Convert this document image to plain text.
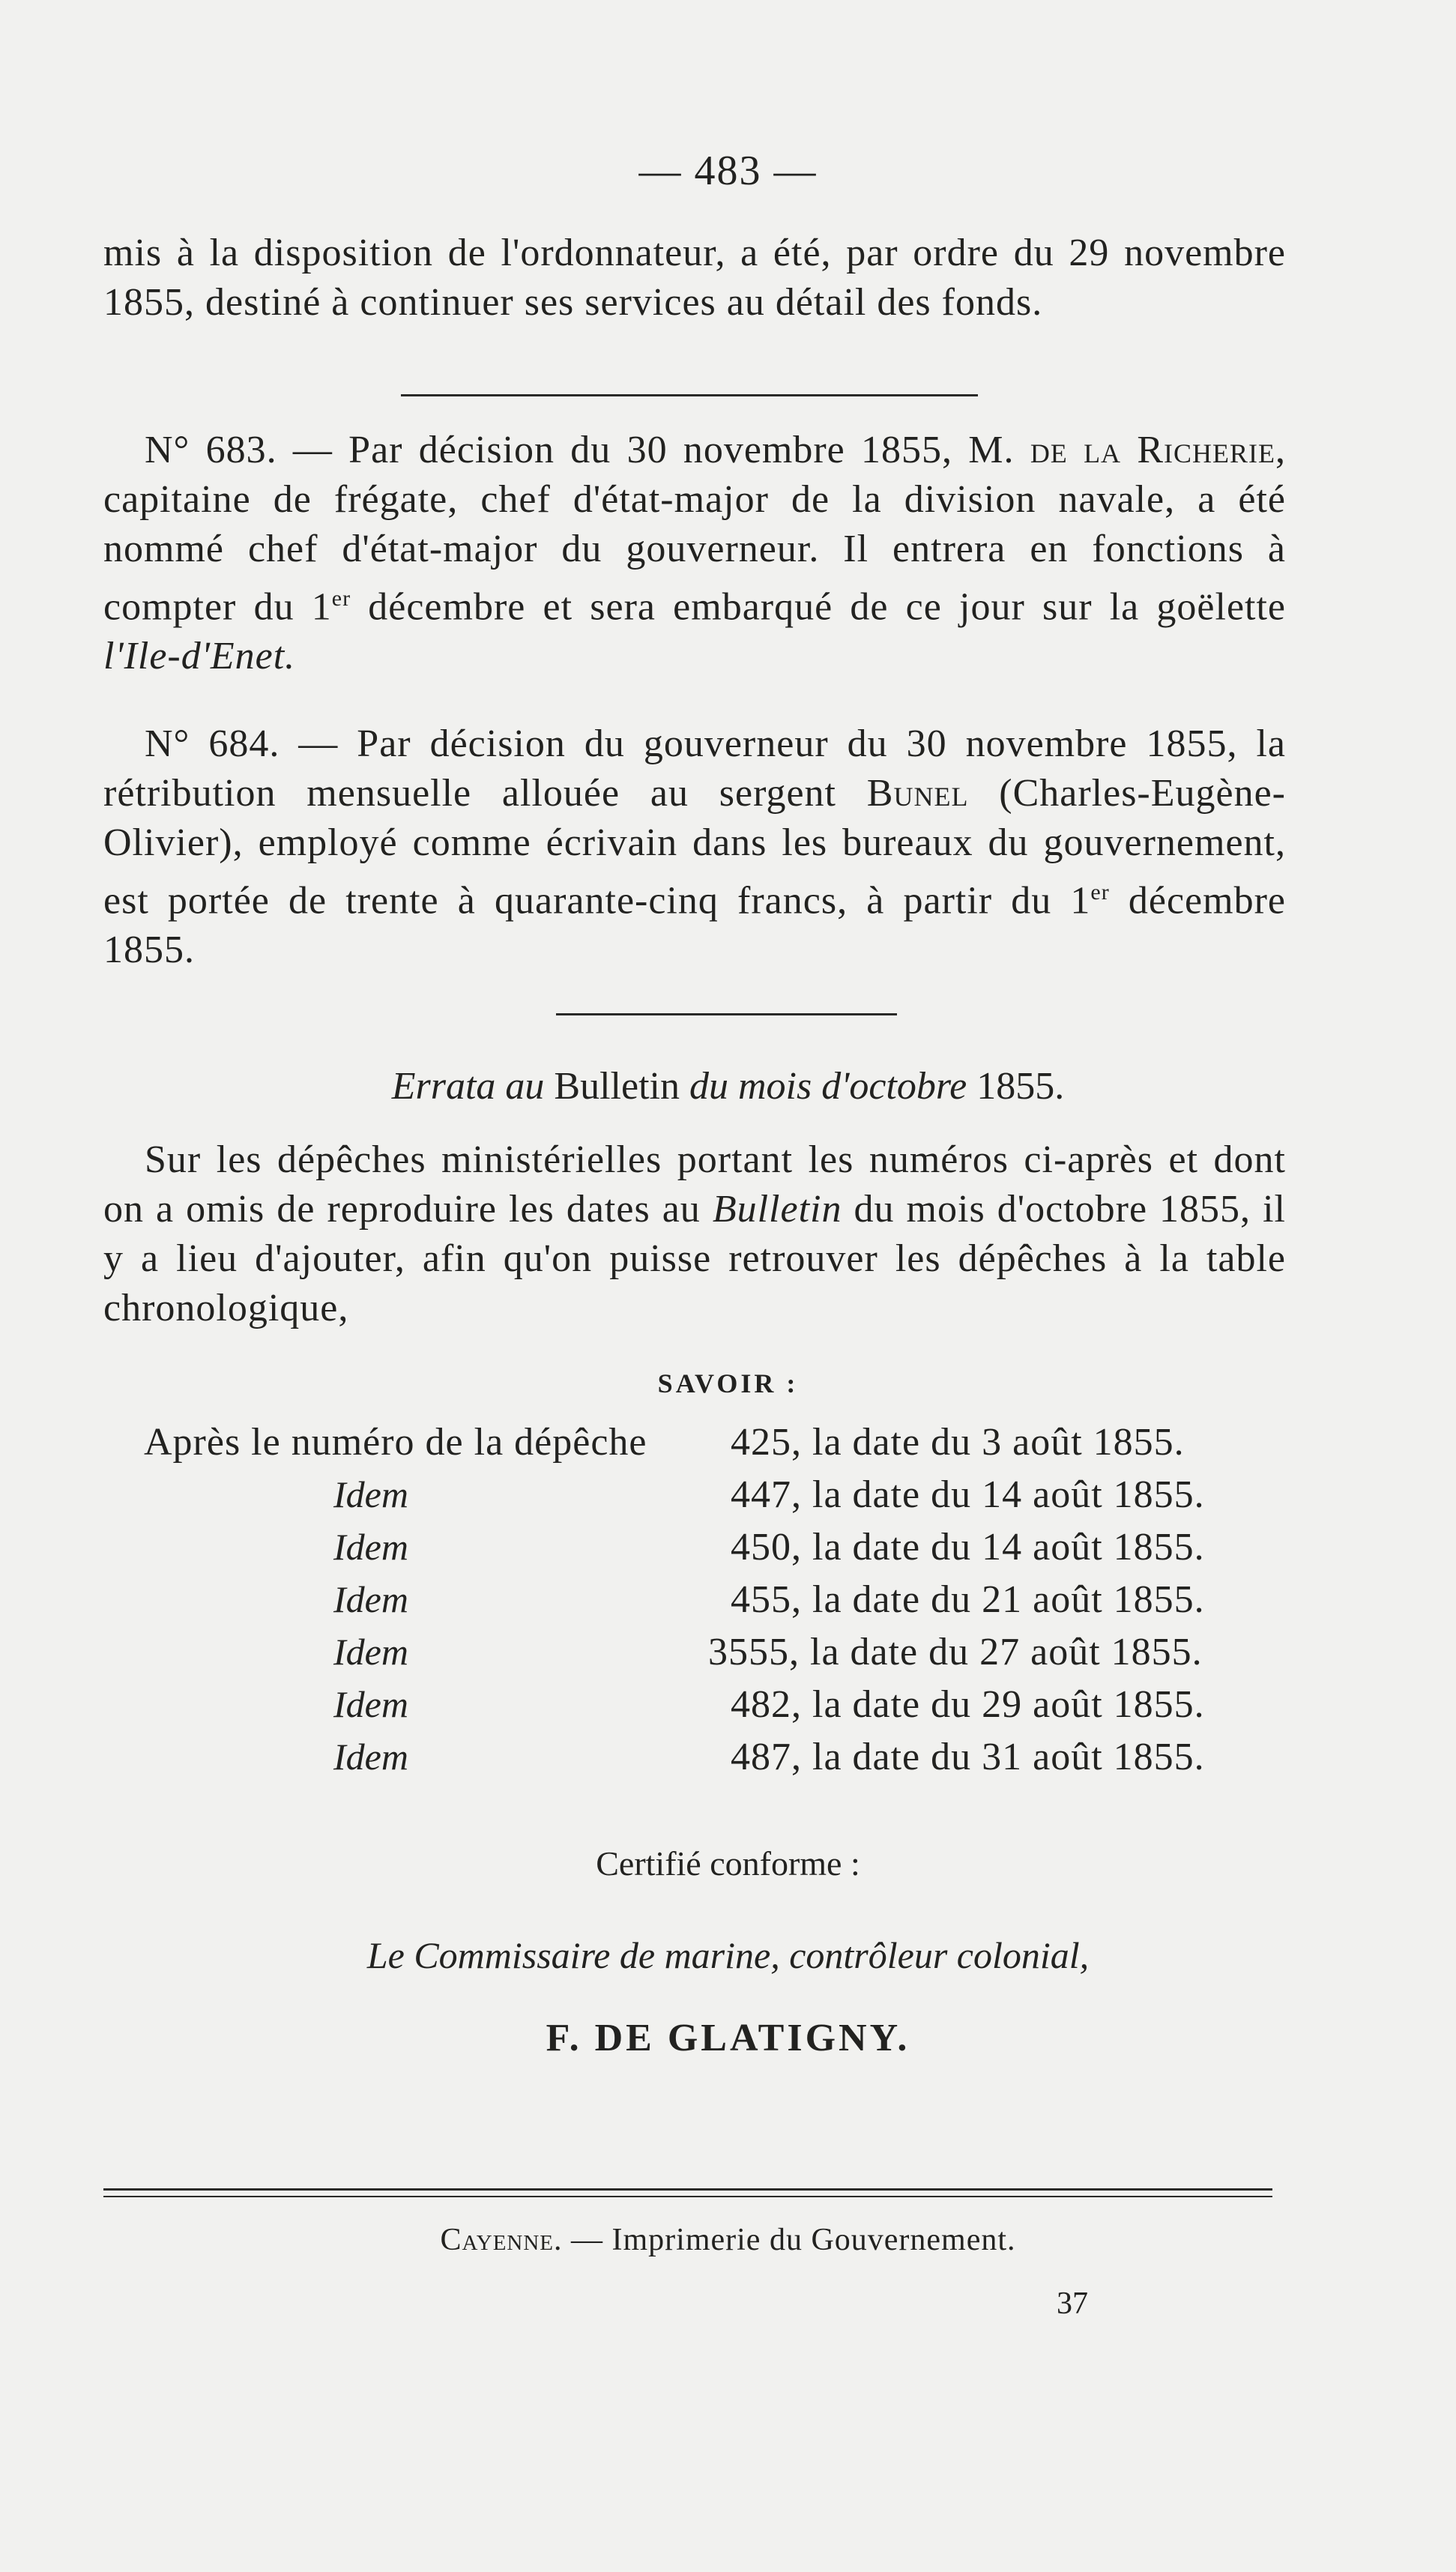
— 483 —

mis à la disposition de l'ordonnateur, a été, par ordre du 29 novembre 1855, destiné à continuer ses services au détail des fonds.

N° 683. — Par décision du 30 novembre 1855, M. de la Richerie, capitaine de frégate, chef d'état-major de la division navale, a été nommé chef d'état-major du gouverneur. Il entrera en fonctions à compter du 1er décembre et sera embarqué de ce jour sur la goëlette l'Ile-d'Enet.

N° 684. — Par décision du gouverneur du 30 novembre 1855, la rétribution mensuelle allouée au sergent Bunel (Charles-Eugène-Olivier), employé comme écrivain dans les bureaux du gouvernement, est portée de trente à quarante-cinq francs, à partir du 1er décembre 1855.

Errata au Bulletin du mois d'octobre 1855.

Sur les dépêches ministérielles portant les numéros ci-après et dont on a omis de reproduire les dates au Bulletin du mois d'octobre 1855, il y a lieu d'ajouter, afin qu'on puisse retrouver les dépêches à la table chronologique,

SAVOIR :
Après le numéro de la dépêche 425, la date du 3 août 1855.
Idem	447, la date du 14 août 1855.
Idem	450, la date du 14 août 1855.
Idem	455, la date du 21 août 1855.
Idem	3555, la date du 27 août 1855.
Idem	482, la date du 29 août 1855.
Idem	487, la date du 31 août 1855.
Certifié conforme :
Le Commissaire de marine, contrôleur colonial,
F. DE GLATIGNY.
Cayenne. — Imprimerie du Gouvernement.
37
